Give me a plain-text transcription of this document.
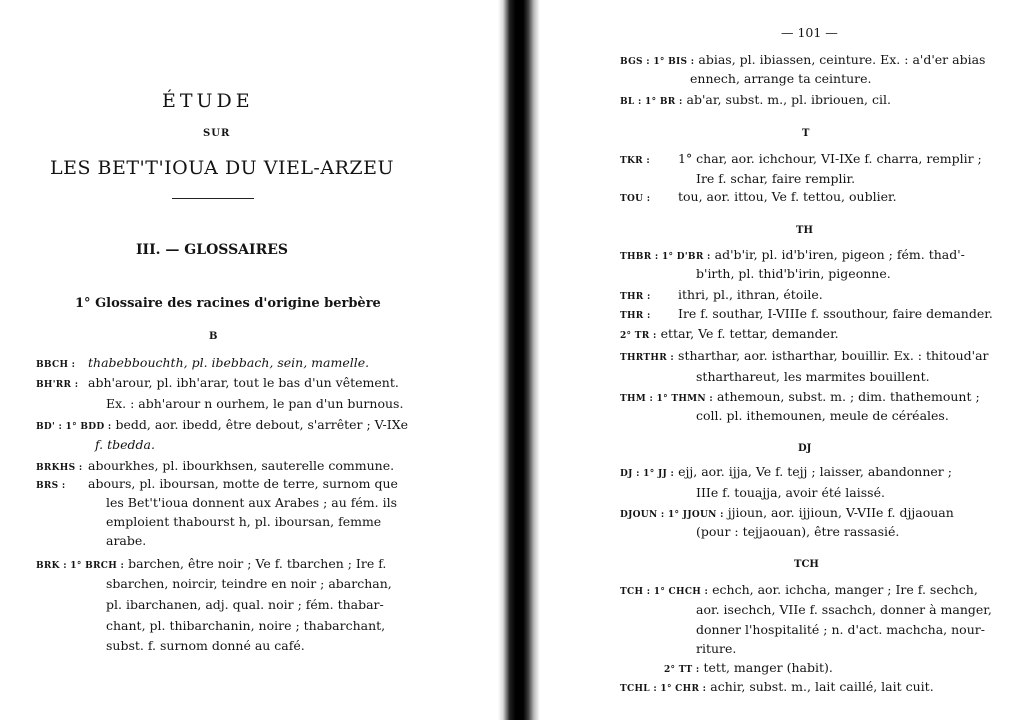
ÉTUDE
SUR
LES BET'T'IOUA DU VIEL-ARZEU
III. — GLOSSAIRES
1° Glossaire des racines d'origine berbère
B
BBCH : thabebbouchth, pl. ibebbach, sein, mamelle.
BH'RR : abh'arour, pl. ibh'arar, tout le bas d'un vêtement.
Ex. : abh'arour n ourhem, le pan d'un burnous.
BD' : 1° BDD : bedd, aor. ibedd, être debout, s'arrêter ; V-IXe
f. tbedda.
BRKHS : abourkhes, pl. ibourkhsen, sauterelle commune.
BRS : abours, pl. iboursan, motte de terre, surnom que
les Bet't'ioua donnent aux Arabes ; au fém. ils
emploient thabourst h, pl. iboursan, femme
arabe.
BRK : 1° BRCH : barchen, être noir ; Ve f. tbarchen ; Ire f.
sbarchen, noircir, teindre en noir ; abarchan,
pl. ibarchanen, adj. qual. noir ; fém. thabar-
chant, pl. thibarchanin, noire ; thabarchant,
subst. f. surnom donné au café.
— 101 —
BGS : 1° BIS : abias, pl. ibiassen, ceinture. Ex. : a'd'er abias
ennech, arrange ta ceinture.
BL : 1° BR : ab'ar, subst. m., pl. ibriouen, cil.
T
TKR : 1° char, aor. ichchour, VI-IXe f. charra, remplir ;
Ire f. schar, faire remplir.
TOU : tou, aor. ittou, Ve f. tettou, oublier.
TH
THBR : 1° D'BR : ad'b'ir, pl. id'b'iren, pigeon ; fém. thad'-
b'irth, pl. thid'b'irin, pigeonne.
THR : ithri, pl., ithran, étoile.
THR : Ire f. southar, I-VIIIe f. ssouthour, faire demander.
2° TR : ettar, Ve f. tettar, demander.
THRTHR : stharthar, aor. istharthar, bouillir. Ex. : thitoud'ar
stharthareut, les marmites bouillent.
THM : 1° THMN : athemoun, subst. m. ; dim. thathemount ;
coll. pl. ithemounen, meule de céréales.
DJ
DJ : 1° JJ : ejj, aor. ijja, Ve f. tejj ; laisser, abandonner ;
IIIe f. touajja, avoir été laissé.
DJOUN : 1° JJOUN : jjioun, aor. ijjioun, V-VIIe f. djjaouan
(pour : tejjaouan), être rassasié.
TCH
TCH : 1° CHCH : echch, aor. ichcha, manger ; Ire f. sechch,
aor. isechch, VIIe f. ssachch, donner à manger,
donner l'hospitalité ; n. d'act. machcha, nour-
riture.
2° TT : tett, manger (habit).
TCHL : 1° CHR : achir, subst. m., lait caillé, lait cuit.
